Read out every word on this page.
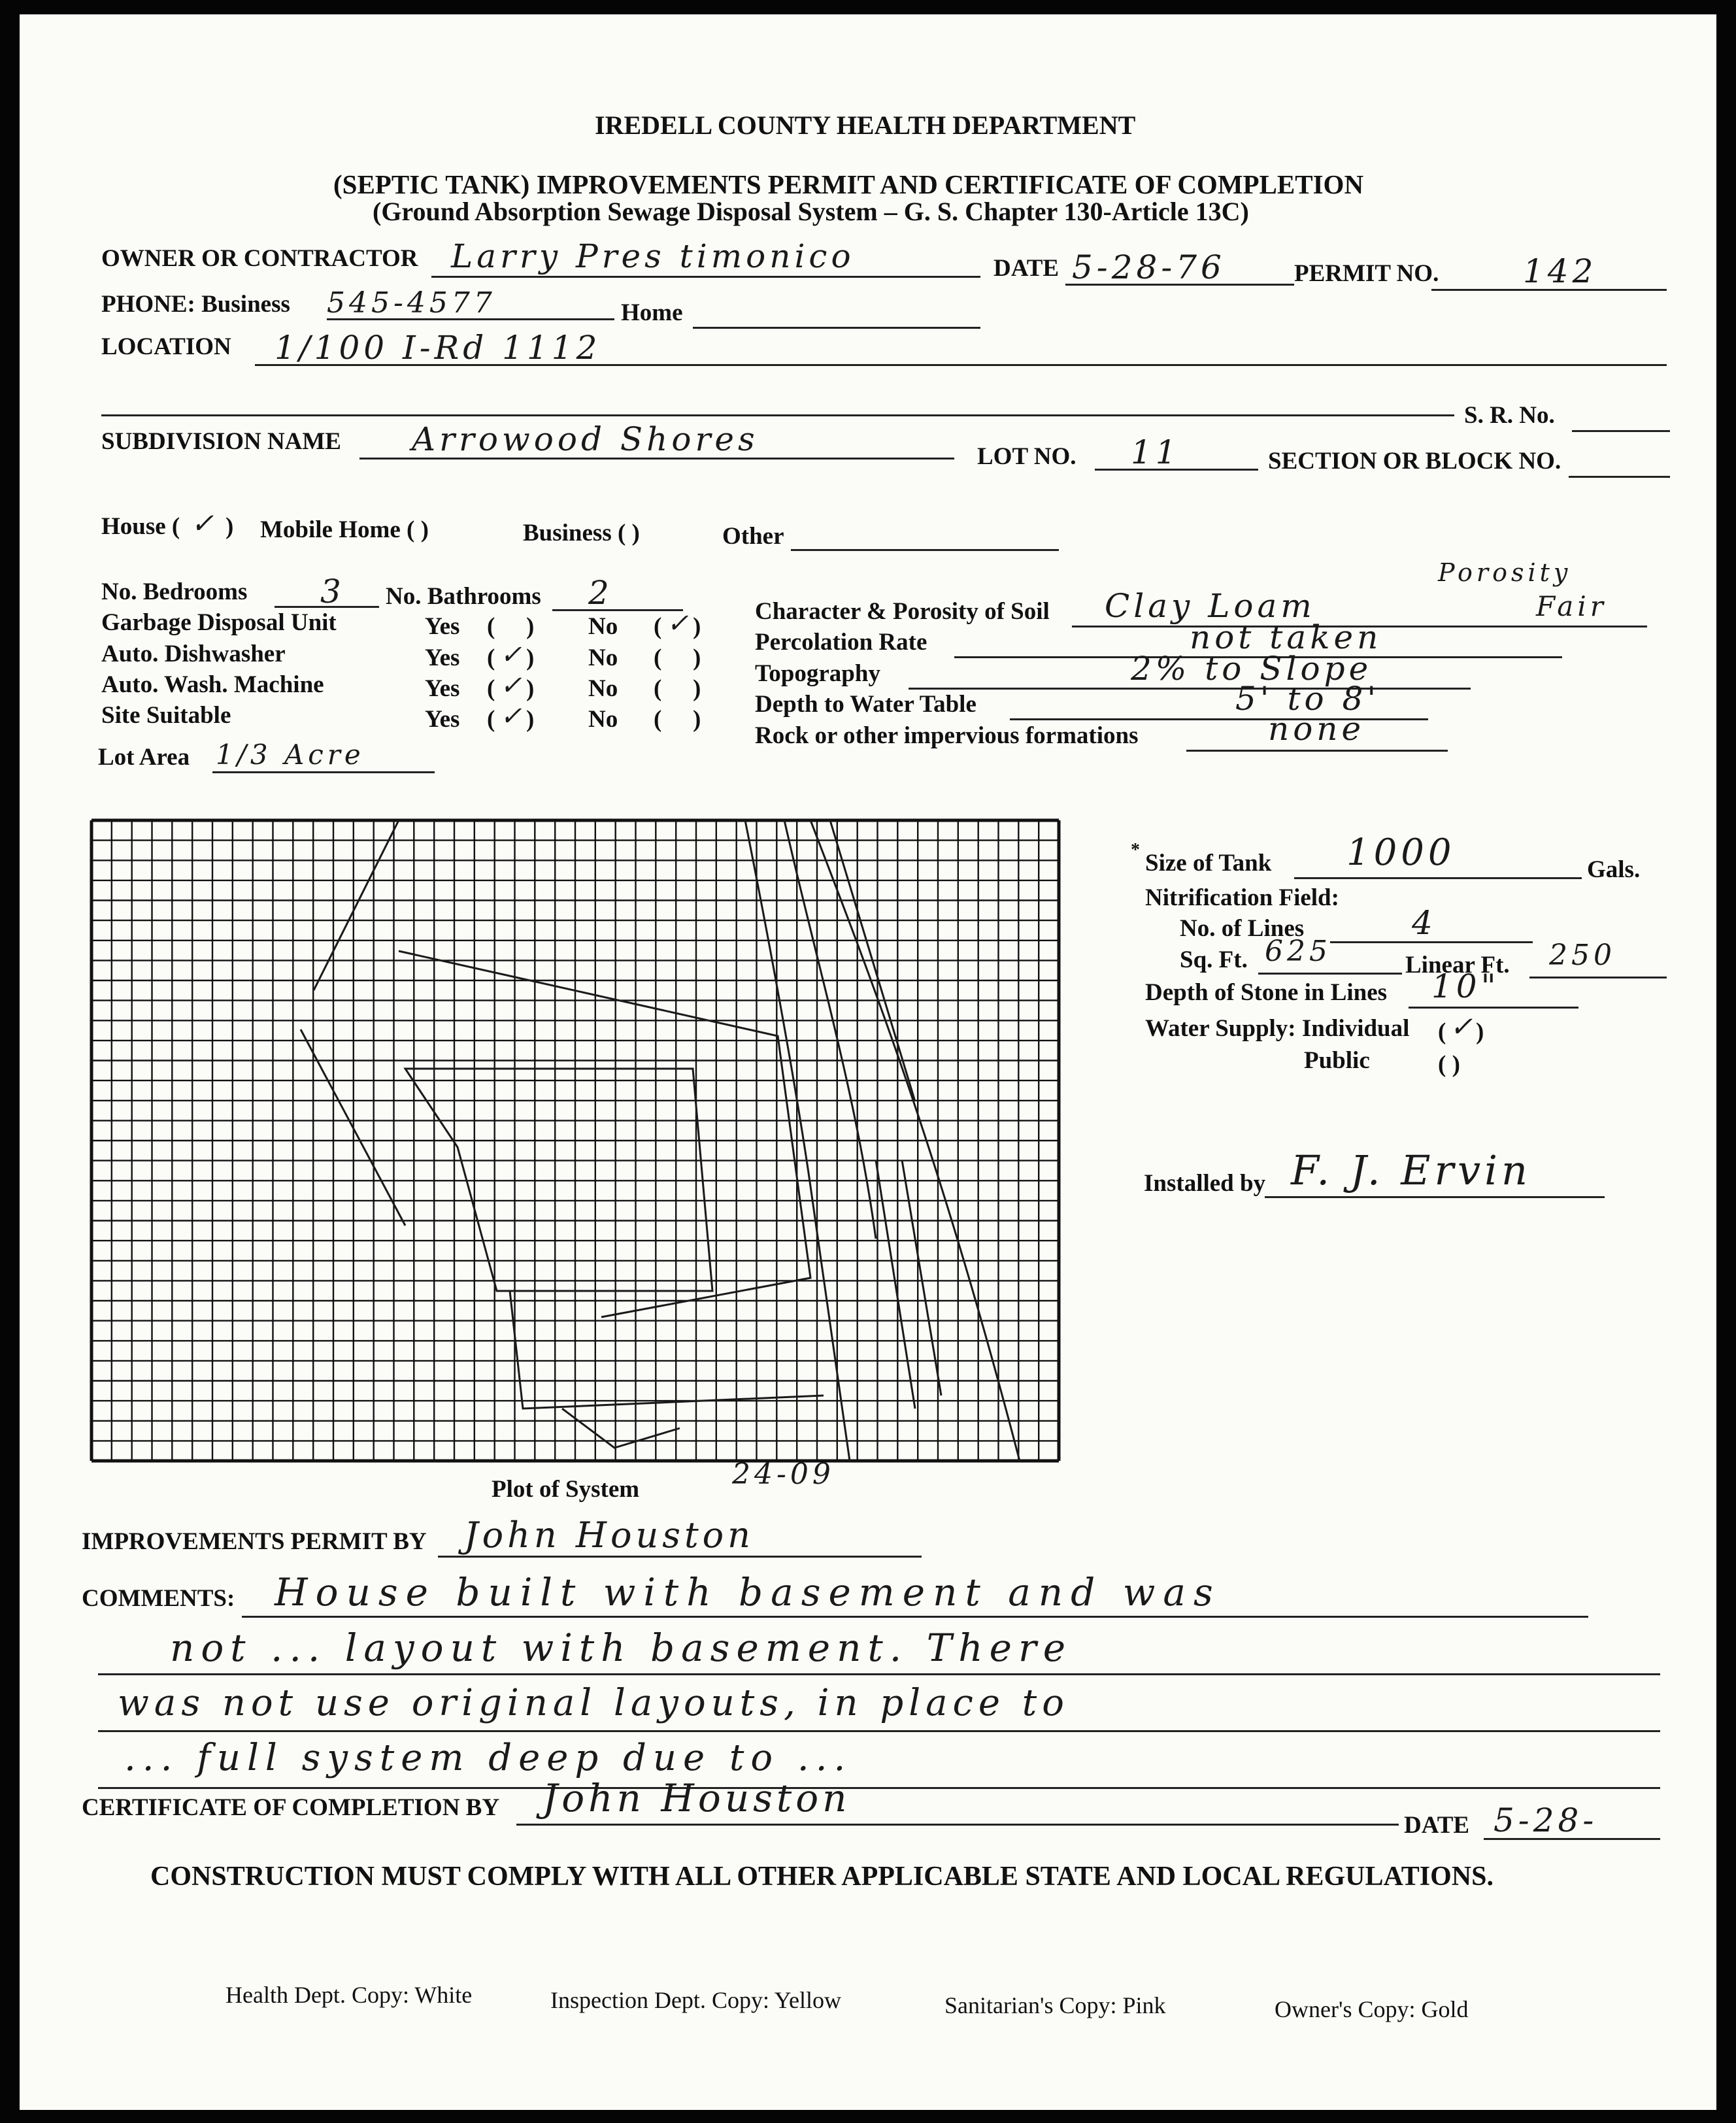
IREDELL COUNTY HEALTH DEPARTMENT
(SEPTIC TANK) IMPROVEMENTS PERMIT AND CERTIFICATE OF COMPLETION
(Ground Absorption Sewage Disposal System – G. S. Chapter 130-Article 13C)
OWNER OR CONTRACTOR Larry Pres timonico	DATE 5-28-76	PERMIT NO.	142
PHONE: Business 545-4577	Home
LOCATION 1/100 I-Rd 1112
S. R. No.
SUBDIVISION NAME Arrowood Shores	LOT NO. 11	SECTION OR BLOCK NO.
House ( ✓ ) Mobile Home ( )	Business ( )	Other
No. Bedrooms 3 No. Bathrooms 2
Garbage Disposal Unit	Yes ( ) No ( ✓ )
Auto. Dishwasher	Yes ( ✓ ) No ( )
Auto. Wash. Machine	Yes ( ✓ ) No ( )
Site Suitable	Yes ( ✓ ) No ( )
Lot Area 1/3 Acre
Character & Porosity of Soil Clay Loam
Porosity
Fair
Percolation Rate	not taken
Topography	2% to Slope
Depth to Water Table	5' to 8'
Rock or other impervious formations	none
Plot of System	24-09
* Size of Tank 1000	Gals.
Nitrification Field:
No. of Lines	4
Sq. Ft. 625	Linear Ft. 250
Depth of Stone in Lines 10"
Water Supply: Individual ( ✓
)
Public	( )
Installed by F. J. Ervin
IMPROVEMENTS PERMIT BY John Houston
COMMENTS: House built with basement and was
not ... layout with basement. There
was not use original layouts, in place to
... full system deep due to ...
CERTIFICATE OF COMPLETION BY John Houston
DATE 5-28-
CONSTRUCTION MUST COMPLY WITH ALL OTHER APPLICABLE STATE AND LOCAL REGULATIONS.
Health Dept. Copy: White	Inspection Dept. Copy: Yellow	Sanitarian's Copy: Pink	Owner's Copy: Gold
